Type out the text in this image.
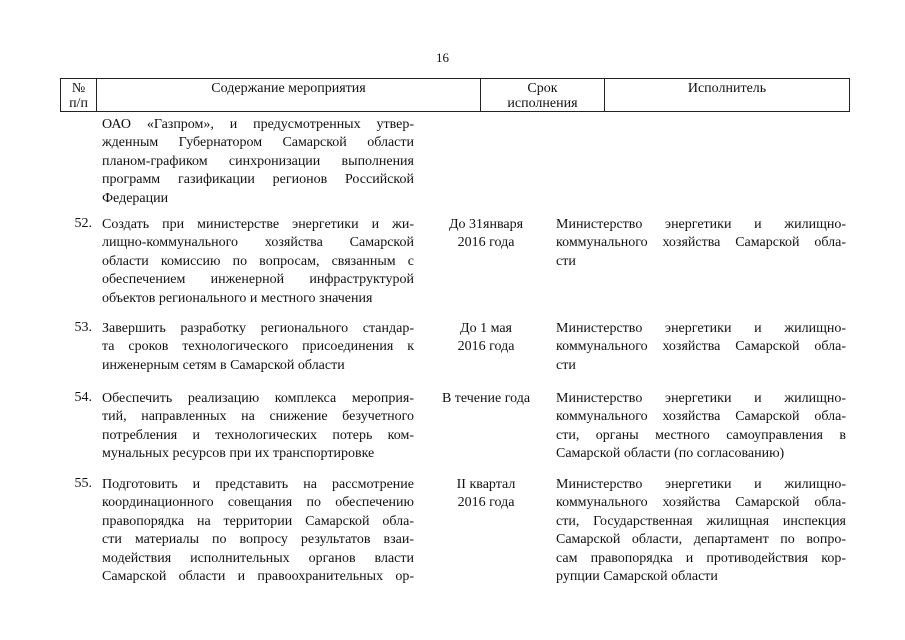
16
№
п/п
Содержание мероприятия	Срок
исполнения
Исполнитель
ОАО «Газпром», и предусмотренных утвер-
жденным Губернатором Самарской области
планом-графиком синхронизации выполнения
программ газификации регионов Российской
Федерации
52. Создать при министерстве энергетики и жи-
лищно-коммунального хозяйства Самарской
области комиссию по вопросам, связанным с
обеспечением инженерной инфраструктурой
объектов регионального и местного значения
До 31января
2016 года
Министерство энергетики и жилищно-
коммунального хозяйства Самарской обла-
сти
53. Завершить разработку регионального стандар-
та сроков технологического присоединения к
инженерным сетям в Самарской области
До 1 мая
2016 года
Министерство энергетики и жилищно-
коммунального хозяйства Самарской обла-
сти
54. Обеспечить реализацию комплекса мероприя-
тий, направленных на снижение безучетного
потребления и технологических потерь ком-
мунальных ресурсов при их транспортировке
В течение года	Министерство энергетики и жилищно-
коммунального хозяйства Самарской обла-
сти, органы местного самоуправления в
Самарской области (по согласованию)
55. Подготовить и представить на рассмотрение
координационного совещания по обеспечению
правопорядка на территории Самарской обла-
сти материалы по вопросу результатов взаи-
модействия исполнительных органов власти
Самарской области и правоохранительных ор-
II квартал
2016 года
Министерство энергетики и жилищно-
коммунального хозяйства Самарской обла-
сти, Государственная жилищная инспекция
Самарской области, департамент по вопро-
сам правопорядка и противодействия кор-
рупции Самарской области
